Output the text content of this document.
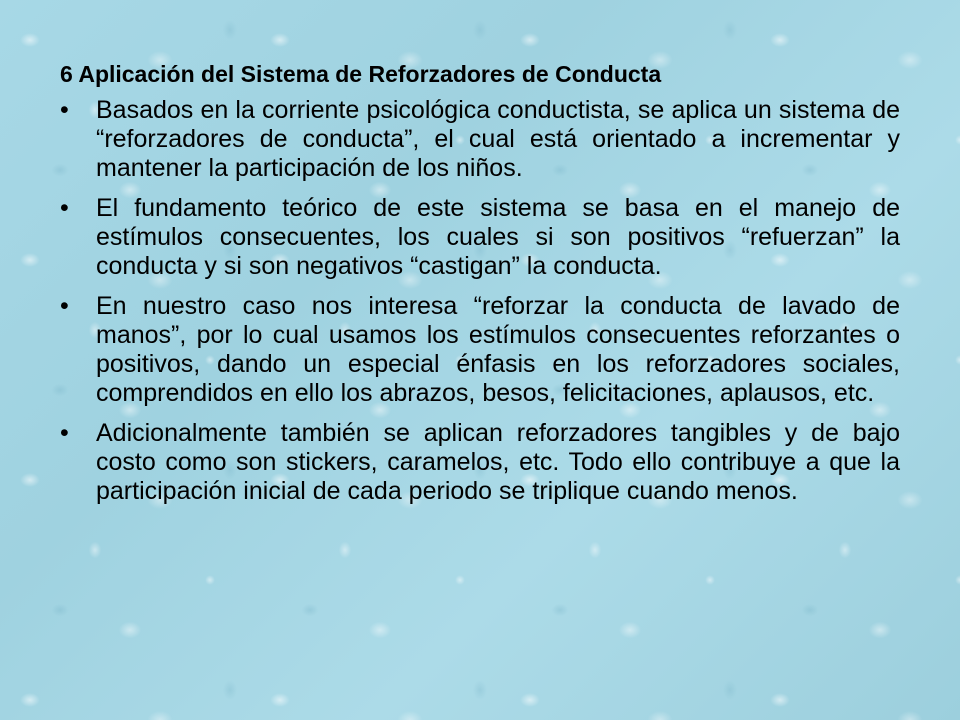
6 Aplicación del Sistema de Reforzadores de Conducta
•	Basados en la corriente psicológica conductista, se aplica un sistema de “reforzadores de conducta”, el cual está orientado a incrementar y mantener la participación de los niños.
•	El fundamento teórico de este sistema se basa en el manejo de estímulos consecuentes, los cuales si son positivos “refuerzan” la conducta y si son negativos “castigan” la conducta.
•	En nuestro caso nos interesa “reforzar la conducta de lavado de manos”, por lo cual usamos los estímulos consecuentes reforzantes o positivos, dando un especial énfasis en los reforzadores sociales, comprendidos en ello los abrazos, besos, felicitaciones, aplausos, etc.
•	Adicionalmente también se aplican reforzadores tangibles y de bajo costo como son stickers, caramelos, etc. Todo ello contribuye a que la participación inicial de cada periodo se triplique cuando menos.
